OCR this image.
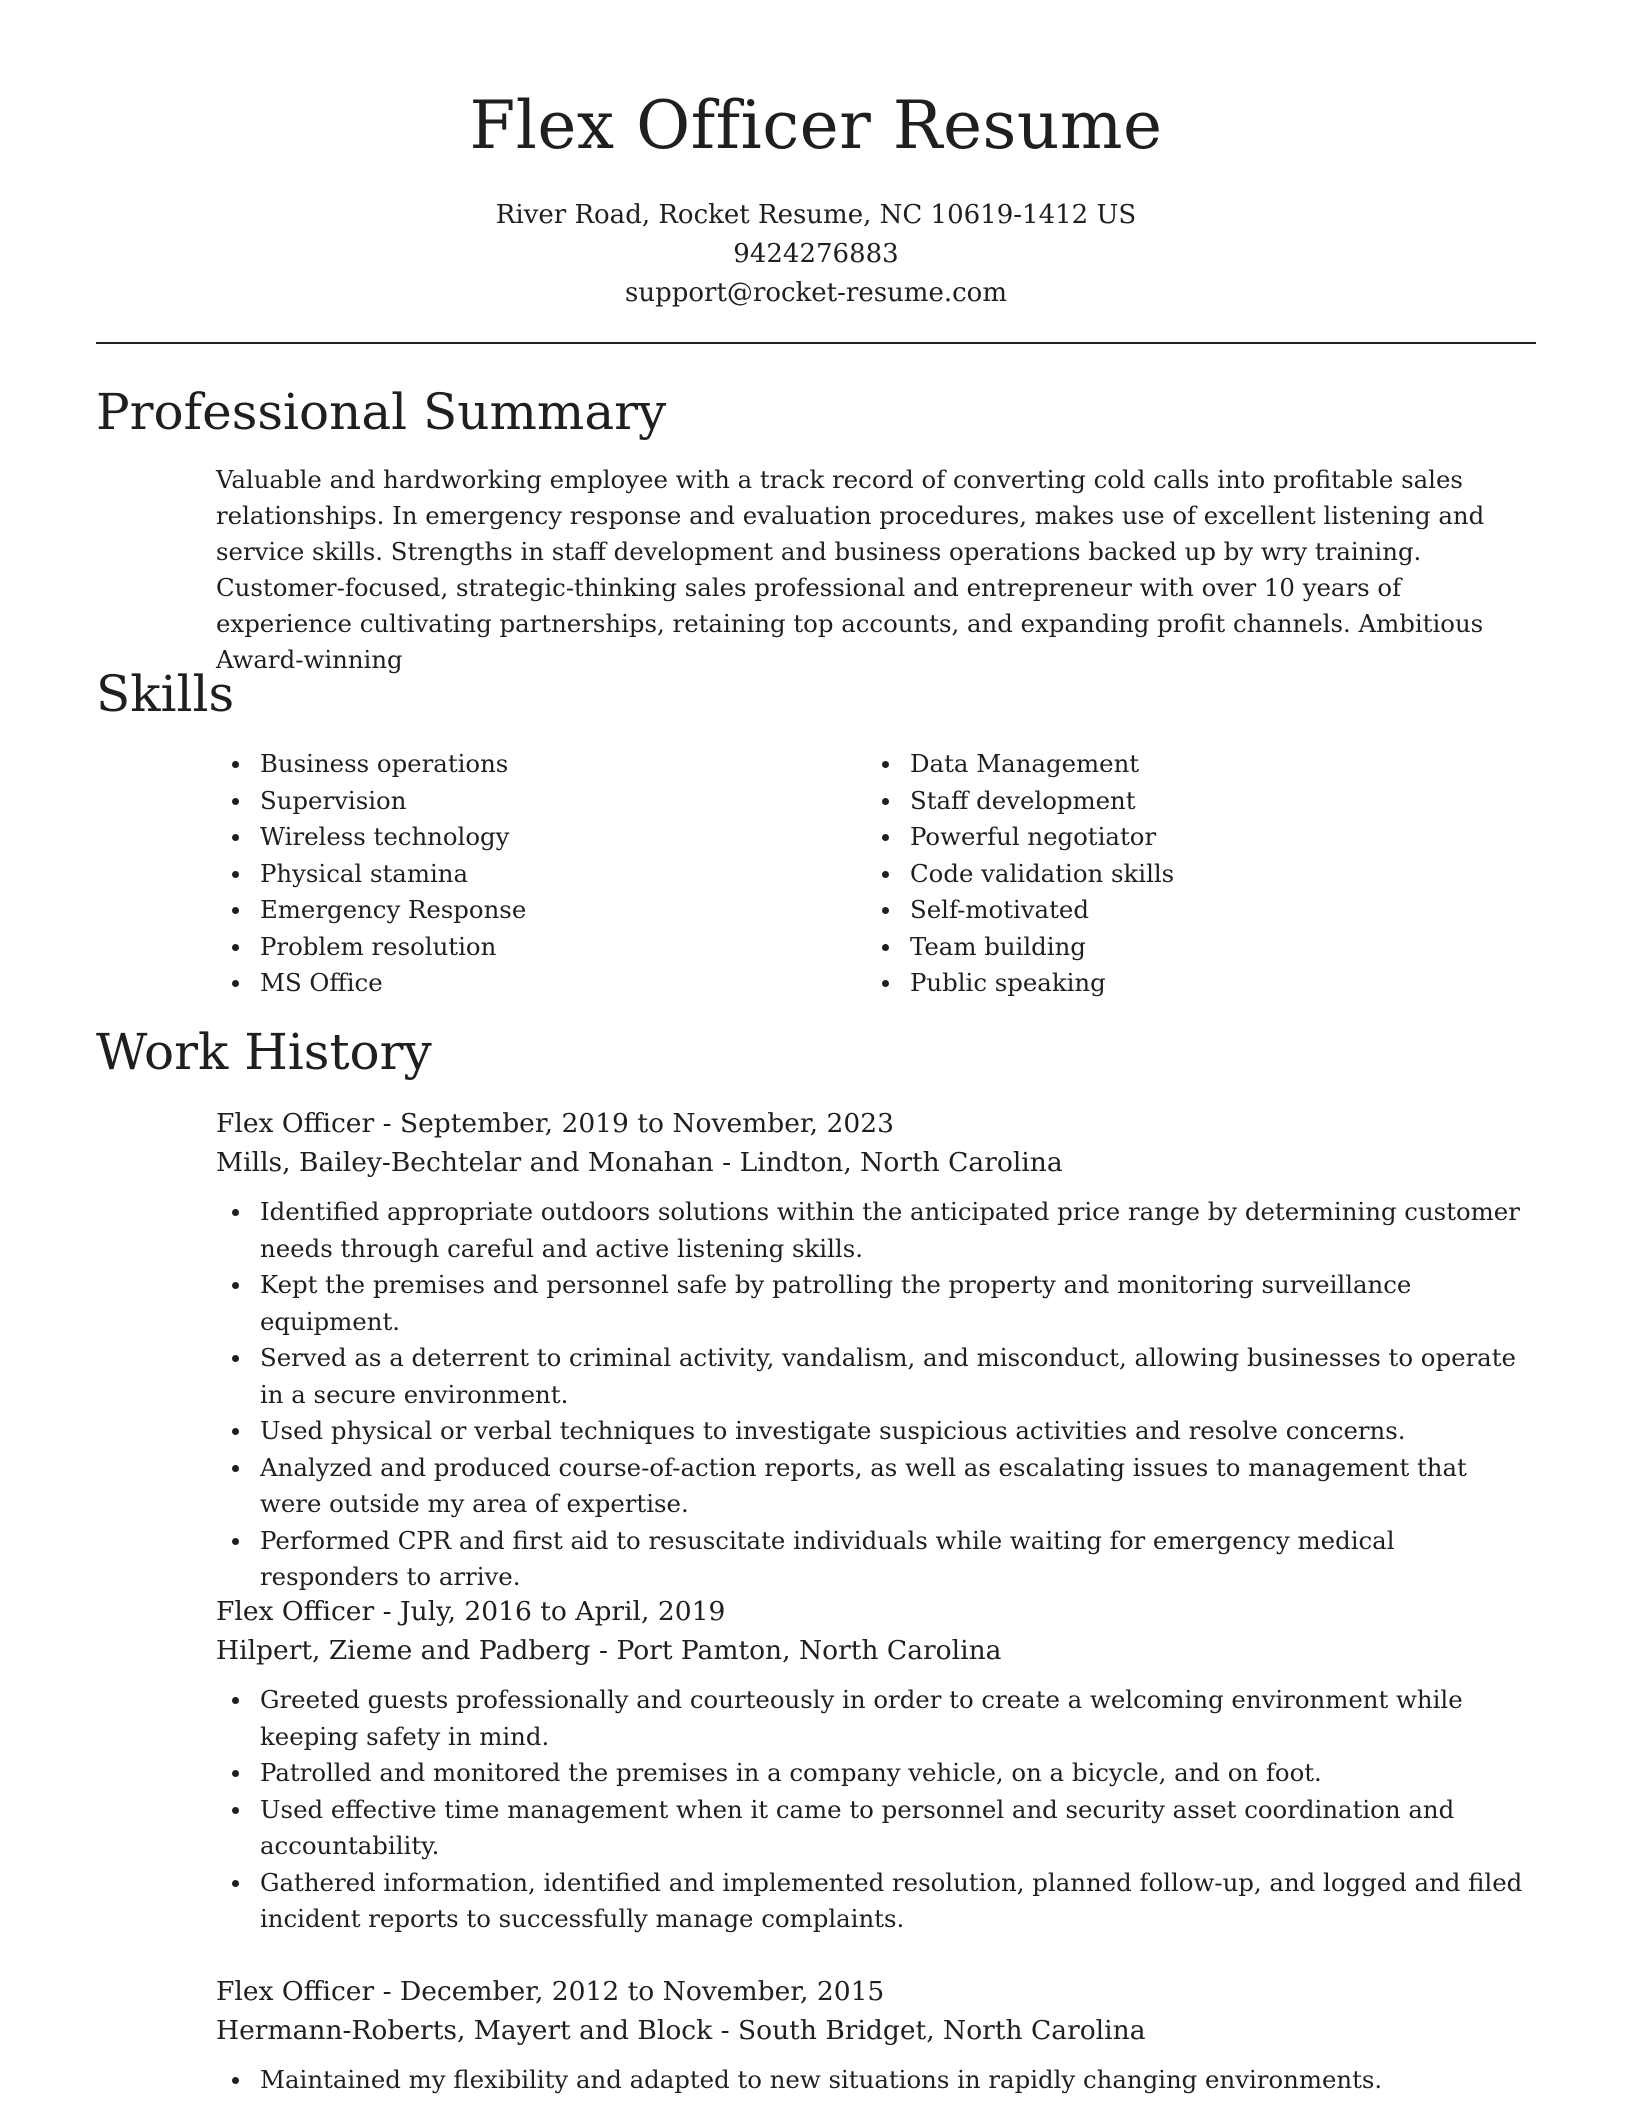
Flex Officer Resume
River Road, Rocket Resume, NC 10619-1412 US
9424276883
support@rocket-resume.com
Professional Summary

Valuable and hardworking employee with a track record of converting cold calls into profitable sales relationships. In emergency response and evaluation procedures, makes use of excellent listening and service skills. Strengths in staff development and business operations backed up by wry training. Customer-focused, strategic-thinking sales professional and entrepreneur with over 10 years of experience cultivating partnerships, retaining top accounts, and expanding profit channels. Ambitious Award-winning

Skills
Business operations
Supervision
Wireless technology
Physical stamina
Emergency Response
Problem resolution
MS Office
Data Management
Staff development
Powerful negotiator
Code validation skills
Self-motivated
Team building
Public speaking
Work History
Flex Officer - September, 2019 to November, 2023
Mills, Bailey-Bechtelar and Monahan - Lindton, North Carolina
Identified appropriate outdoors solutions within the anticipated price range by determining customer needs through careful and active listening skills.
Kept the premises and personnel safe by patrolling the property and monitoring surveillance equipment.
Served as a deterrent to criminal activity, vandalism, and misconduct, allowing businesses to operate in a secure environment.
Used physical or verbal techniques to investigate suspicious activities and resolve concerns.
Analyzed and produced course-of-action reports, as well as escalating issues to management that were outside my area of expertise.
Performed CPR and first aid to resuscitate individuals while waiting for emergency medical responders to arrive.
Flex Officer - July, 2016 to April, 2019
Hilpert, Zieme and Padberg - Port Pamton, North Carolina
Greeted guests professionally and courteously in order to create a welcoming environment while keeping safety in mind.
Patrolled and monitored the premises in a company vehicle, on a bicycle, and on foot.
Used effective time management when it came to personnel and security asset coordination and accountability.
Gathered information, identified and implemented resolution, planned follow-up, and logged and filed incident reports to successfully manage complaints.
Flex Officer - December, 2012 to November, 2015
Hermann-Roberts, Mayert and Block - South Bridget, North Carolina
Maintained my flexibility and adapted to new situations in rapidly changing environments.
